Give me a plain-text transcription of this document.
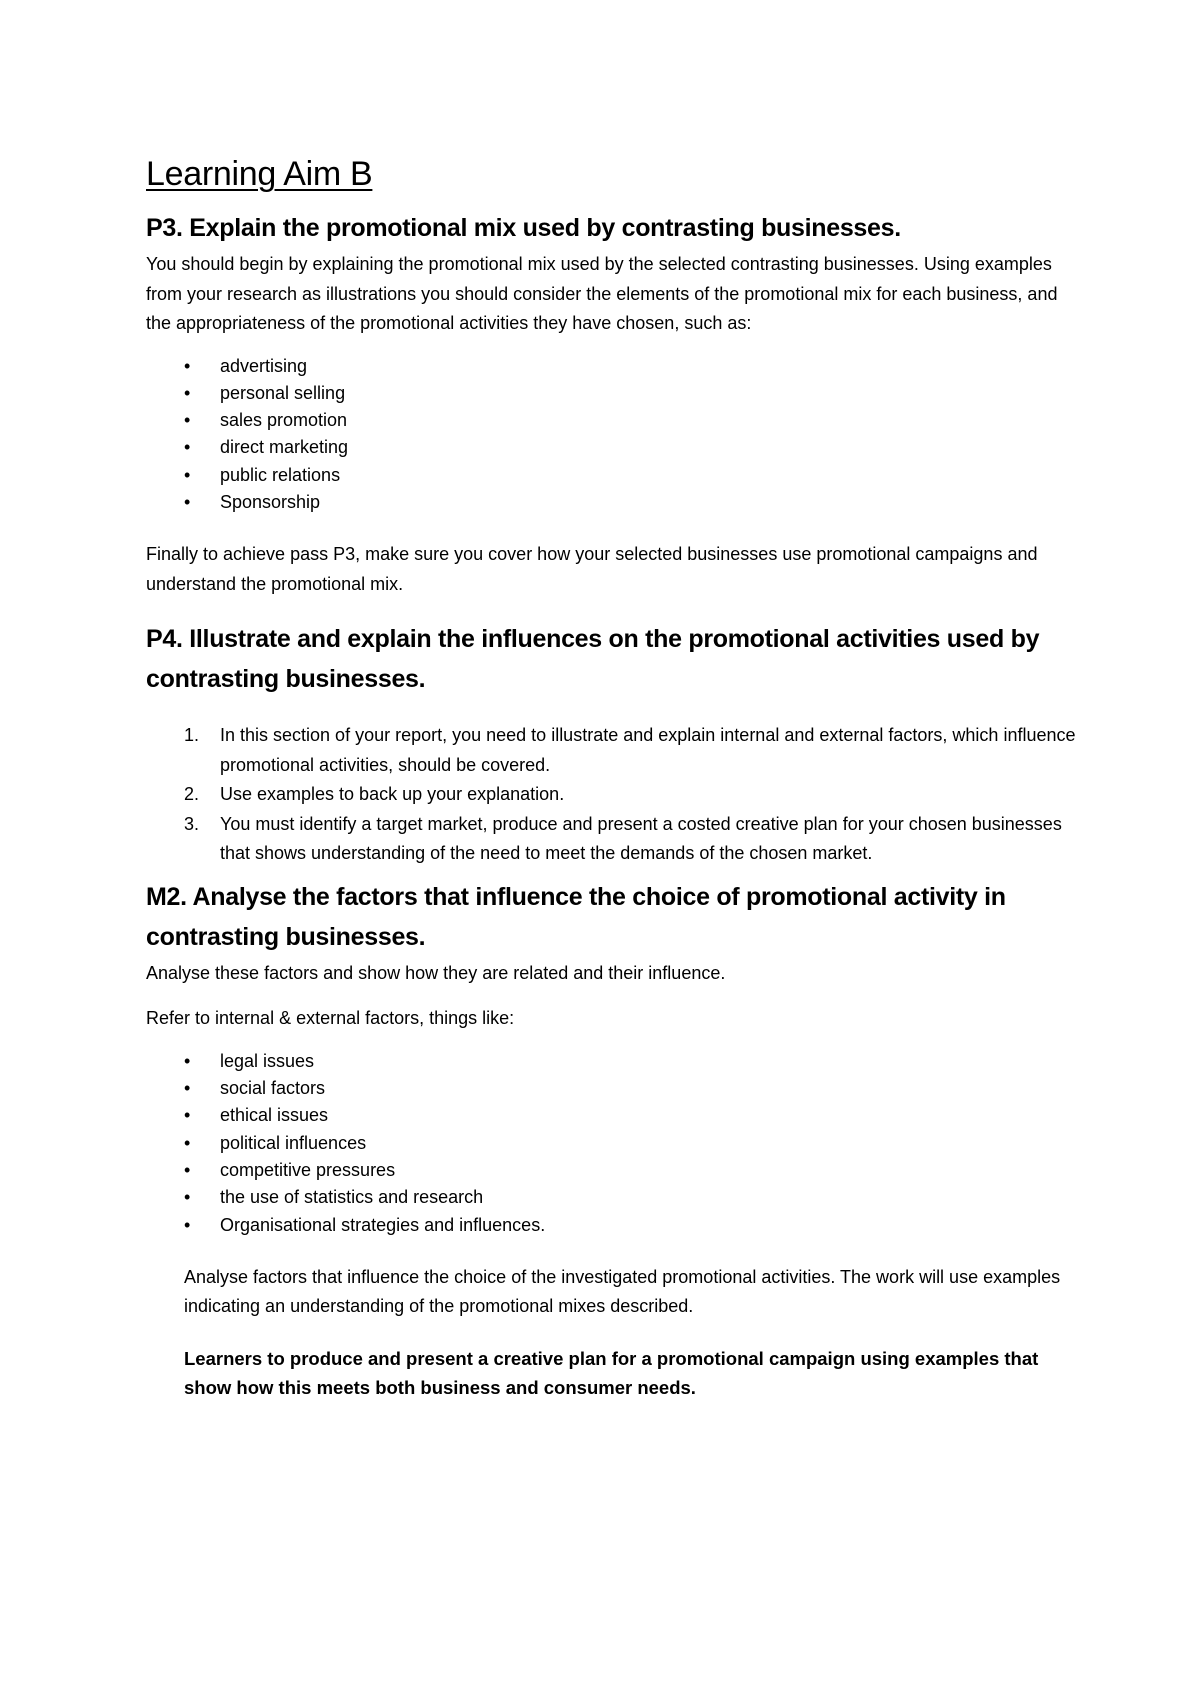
Learning Aim B
P3. Explain the promotional mix used by contrasting businesses.

You should begin by explaining the promotional mix used by the selected contrasting businesses. Using examples from your research as illustrations you should consider the elements of the promotional mix for each business, and the appropriateness of the promotional activities they have chosen, such as:

• advertising
• personal selling
• sales promotion
• direct marketing
• public relations
• Sponsorship

Finally to achieve pass P3, make sure you cover how your selected businesses use promotional campaigns and understand the promotional mix.

P4. Illustrate and explain the influences on the promotional activities used by contrasting businesses.
1. In this section of your report, you need to illustrate and explain internal and external factors, which influence promotional activities, should be covered.
2. Use examples to back up your explanation.
3. You must identify a target market, produce and present a costed creative plan for your chosen businesses that shows understanding of the need to meet the demands of the chosen market.
M2. Analyse the factors that influence the choice of promotional activity in contrasting businesses.

Analyse these factors and show how they are related and their influence.

Refer to internal & external factors, things like:

• legal issues
• social factors
• ethical issues
• political influences
• competitive pressures
• the use of statistics and research
• Organisational strategies and influences.

Analyse factors that influence the choice of the investigated promotional activities. The work will use examples indicating an understanding of the promotional mixes described.

Learners to produce and present a creative plan for a promotional campaign using examples that show how this meets both business and consumer needs.
